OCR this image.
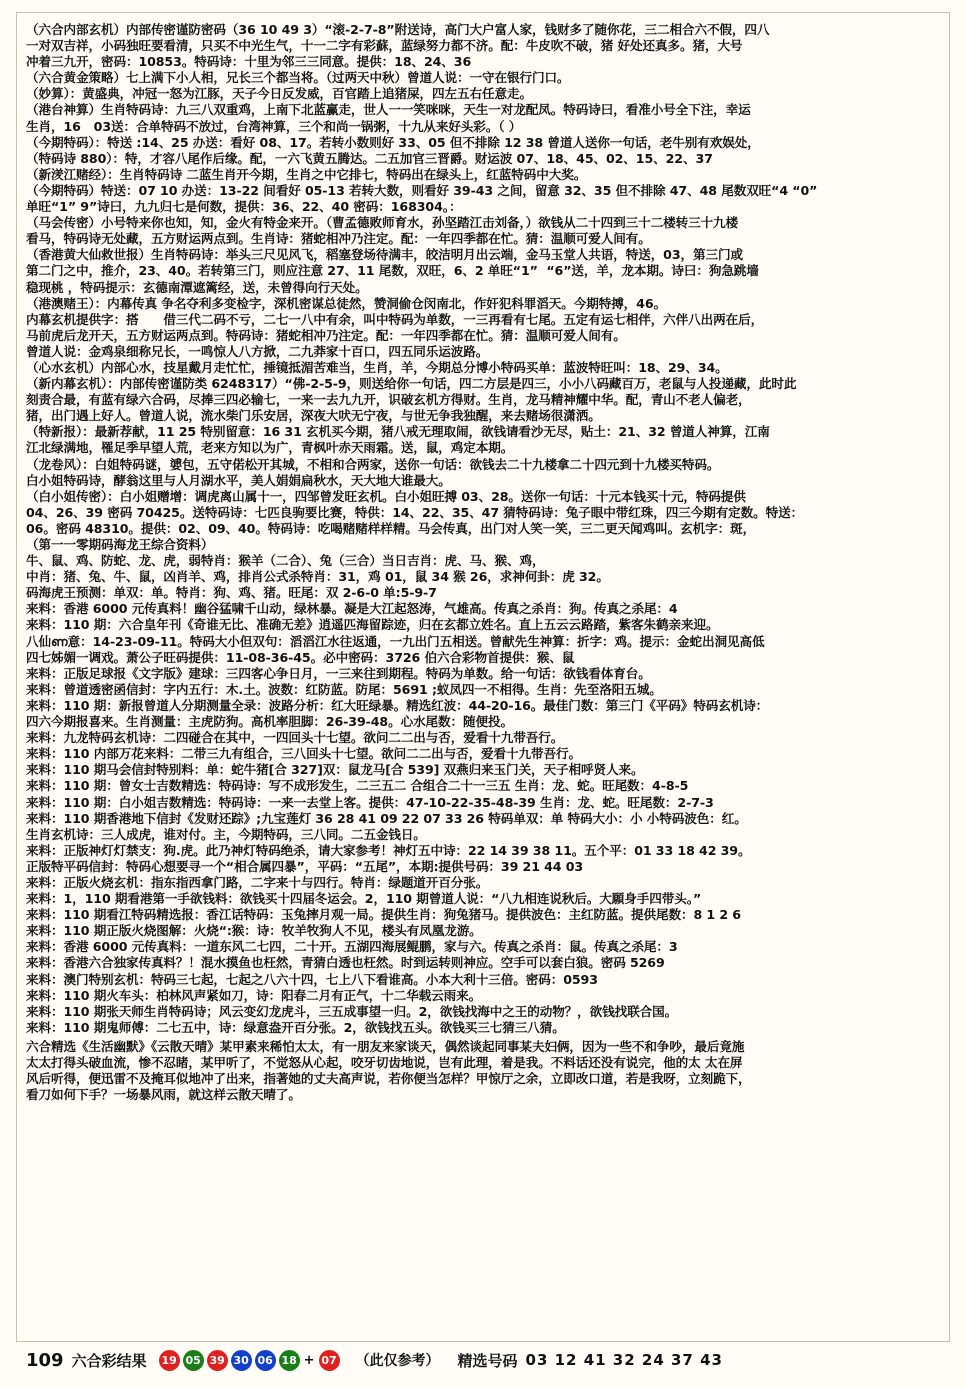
（六合内部玄机）内部传密谨防密码（36 10 49 3）“滚-2-7-8”附送诗，高门大户富人家，钱财多了随你花，三二相合六不假，四八

一对双吉祥，小码独旺要看清，只买不中光生气，十一二字有彩蘇，蓝绿努力都不济。配：牛皮吹不破，猪 好处还真多。猪，大号

冲着三九开，密码：10853。特码诗：十里为邻三三同意。提供：18、24、36

（六合黄金策略）七上满下小人相，兄长三个都当将。（过两天中秋）曾道人说：一守在银行门口。

（妙算）：黄盛典，冲冠一怒为江豚，天子今日反发威，百官踏上追猪屎，四左五右任意走。

（港台神算）生肖特码诗：九三八双重鸡，上南下北蓝赢走，世人一一笑咪咪，天生一对龙配凤。特码诗曰，看准小号全下注，幸运

生肖，16   03送：合单特码不放过，台湾神算，三个和尚一锅粥，十九从来好头彩。（ ）

（今期特码）：特送 :14、25 办送：看好 08、17。若转小数则好 33、05 但不排除 12 38 曾道人送你一句话，老牛别有欢娱处，

（特码诗 880）：特，才容八尾作后缘。配，一六飞黄五腾达。二五加官三晋爵。财运波 07、18、45、02、15、22、37

（新湵江赌经）：生肖特码诗 二蓝生肖开今期，生肖之中它排七，特码出在绿头上，红蓝特码中大奖。

（今期特码）特送：07 10 办送：13-22 间看好 05-13 若转大数，则看好 39-43 之间，留意 32、35 但不排除 47、48 尾数双旺“4 “0”

单旺“1” 9”诗曰，九九归七是何数，提供：36、22、40 密码：168304。：

（马会传密）小号特来你也知，知，金火有特金来开。（曹孟德败师育水，孙坚踏江击刘备，）欲钱从二十四到三十二楼转三十九楼

看马，特码诗无处藏，五方财运两点到。生肖诗：猪蛇相冲乃注定。配：一年四季都在忙。猜：温顺可爱人间有。

（香港黄大仙救世报）生肖特码诗：举头三尺见风飞，稻塞登场待满丰，皎洁明月出云端，金马玉堂人共语，特送，03，第三门或

第二门之中，推介，23、40。若转第三门，则应注意 27、11 尾数，双旺，6、2 单旺“1”  “6”送，羊，龙本期。诗曰：狗急跳墙

稳现桃 ，特码提示：玄德南潭遮篱经，送，未曾得向行天处。

（港澳赌王）：内幕传真 争名夺利多变检字，深机密谋总徒然，赞洞偷仓闵南北，作奸犯科罪滔天。今期特搏，46。

内幕玄机提供字：搭　　借三代二码不亏，二七一八中有余，叫中特码为单数，一三再看有七尾。五定有运七相伴，六伴八出两在后，

马前虎后龙开天，五方财运两点到。特码诗：猪蛇相冲乃注定。配：一年四季都在忙。猜：温顺可爱人间有。

曾道人说：金鸡泉细称兄长，一鸣惊人八方掀，二九莽家十百口，四五同乐运波路。

（心水玄机）内部心水，技星戴月走忙忙，捶镜抵湄苦难当，生肖，羊，今期总分博小特码买单：蓝波特旺叫：18、29、34。

（新内幕玄机）：内部传密谨防类 6248317）“佛-2-5-9，则送给你一句话，四二方层是四三，小小八码藏百万，老鼠与人投递藏，此时此

刻责合最，有蓝有绿六合码，尽捧三四必输七，一来一去九九开，识破玄机方得财。生肖，龙马精神耀中华。配，青山不老人偏老，

猪，出门遇上好人。曾道人说，流水柴门乐安居，深夜大吠无宁夜，与世无争我独醒，来去赌场很潇洒。

（特新报）：最新荐献，11 25 特别留意：16 31 玄机买今期，猪八戒无理取闹，欲钱请看沙无尽，贴土：21、32 曾道人神算，江南

江北绿满地，罹足季早望人荒，老来方知以为广，青枫叶赤天雨霜。送，鼠，鸡定本期。

（龙卷风）：白姐特码谜，㜑包，五守偌松开其城，不相和合两家，送你一句话：欲钱去二十九楼拿二十四元到十九楼买特码。

白小姐特码诗，酵翁这里与人月湖水平，美人娟娟扁秋水，天大地大谁最大。

（白小姐传密）：白小姐赠增：调虎离山属十一，四邹曾发旺玄机。白小姐旺搏 03、28。送你一句话：十元本钱买十元，特码提供

04、26、39 密码 70425。送特码诗：七匹良驹要比赛，特供：14、22、35、47 猜特码诗：兔子眼中带红珠，四三今期有定数。特送：

06。密码 48310。提供：02、09、40。特码诗：吃喝赌赌样样精。马会传真，出门对人笑一笑，三二更天闻鸡叫。玄机字：斑，

（第一一零期码海龙王综合资料）

牛、鼠、鸡、防蛇、龙、虎，弱特肖：猴羊（二合）、兔（三合）当日吉肖：虎、马、猴、鸡，

中肖：猪、兔、牛、鼠，凶肖羊、鸡，排肖公式杀特肖：31，鸡 01，鼠 34 猴 26，求神何卦：虎 32。

码海虎王预测：单双：单。特肖：狗、鸡、猪。旺尾：双 2-6-0 单:5-9-7

来料：香港 6000 元传真料！幽谷猛啸千山动，绿林暴。凝是大江起怒涛，气雄高。传真之杀肖：狗。传真之杀尾：4

来料：110 期：六合皇年刊《奇谁无比、准确无差》逍遥匹海留踪迹，归在玄都立姓名。直上五云云路踏，紫客朱鹤亲来迎。

八仙ണ意：14-23-09-11。特码大小但双句：滔滔江水往返通，一九出门五相送。曾献先生神算：折字：鸡。提示：金蛇出洞见高低

四七姊媚一调戏。萧公子旺码提供：11-08-36-45。必中密码：3726 伯六合彩物首提供：猴、鼠

来料：正版足球报《文字版》建球：三四客心争日月，一三来往到期程。特码为单数。给一句话：欲钱看体育台。

来料：曾道透密函信封：字内五行：木.土。波数：红防蓝。防尾：5691 ;蚁凤四一不相得。生肖：先至洛阳五城。

来料：110 期：新报曾道人分期测量全录：波路分析：红大旺绿暴。精选红波：44-20-16。最佳门数：第三门《平码》特码玄机诗：

四六今期报喜来。生肖测量：主虎防狗。高机率胆脚：26-39-48。心水尾数：随便投。

来料：九龙特码玄机诗：二四碰合在其中，一四回头十七望。欲问二二出与否，爱看十九带吾行。

来料：110 内部万花来料：二带三九有组合，三八回头十七望。欲问二二出与否，爱看十九带吾行。

来料：110 期马会信封特别料：单：蛇牛猪[合 327]双：鼠龙马[合 539] 双燕归来玉门关，天子相呼贤人来。

来料：110 期：曾女士吉数精选：特码诗：写不成形发生，二三五二 合组合二十一三五 生肖：龙、蛇。旺尾数：4-8-5

来料：110 期：白小姐吉数精选：特码诗：一来一去堂上客。提供：47-10-22-35-48-39 生肖：龙、蛇。旺尾数：2-7-3

来料：110 期香港地下信封《发财还踪》;九宝莲灯 36 28 41 09 22 07 33 26 特码单双：单 特码大小：小 小特码波色：红。

生肖玄机诗：三人成虎，谁对付。主，今期特码，三八同。二五金钱日。

来料：正版神灯灯禁支：狗.虎。此乃神灯特码绝杀，请大家参考！神灯五中诗：22 14 39 38 11。五个平：01 33 18 42 39。

正版特平码信封：特码心想要寻一个“相合属四暴”，平码：“五尾”，本期:提供号码：39 21 44 03

来料：正版火烧玄机：指东指西拿门路，二字来十与四行。特肖：绿题道开百分张。

来料：1，110 期看港第一手欲钱料：欲钱买十四届冬运会。2，110 期曾道人说：“八九相连说秋后。大願身手四带头。”

来料：110 期看江特码精选报：香江话特码：玉兔摔月观一局。提供生肖：狗兔猪马。提供波色：主红防蓝。提供尾数：8 1 2 6

来料：110 期正版火烧图解：火烧“:猴：诗：牧羊牧狗人不见，楼头有凤凰龙游。

来料：香港 6000 元传真料：一道东风二七四，二十开。五湖四海展鲲鹏，家与六。传真之杀肖：鼠。传真之杀尾：3

来料：香港六合独家传真料？！混水摸鱼也枉然，青猜白透也枉然。时到运转则神应。空手可以套白狼。密码 5269

来料：澳门特别玄机：特码三七起，七起之八六十四，七上八下看谁高。小本大利十三倍。密码：0593

来料：110 期火车头：柏林风声紧如刀，诗：阳春二月有正气，十二华载云雨来。

来料：110 期张天师生肖特码诗；风云变幻龙虎斗，三五成事望一归。2，欲钱找海中之王的动物？，欲钱找联合国。

来料：110 期鬼师傅：二七五中，诗：绿意盎开百分张。2，欲钱找五头。欲钱买三七猜三八猜。

六合精选《生活幽默》《云散天晴》某甲素来稀怕太太，有一朋友来家谈天，偶然谈起同事某夫妇俩，因为一些不和争吵，最后竟施

太太打得头破血流，惨不忍睹，某甲听了，不觉怒从心起，咬牙切齿地说，岂有此理，着是我。不料话还没有说完，他的太 太在屏

风后听得，便迅雷不及掩耳似地冲了出来，指著她的丈夫高声说，若你便当怎样？甲惊厅之余，立即改口道，若是我呀，立刻跪下，

看刀如何下手？一场暴风雨，就这样云散天晴了。

109 六合彩结果 19 05 39 30 06 18 + 07 （此仅参考） 精选号码 03 12 41 32 24 37 43
